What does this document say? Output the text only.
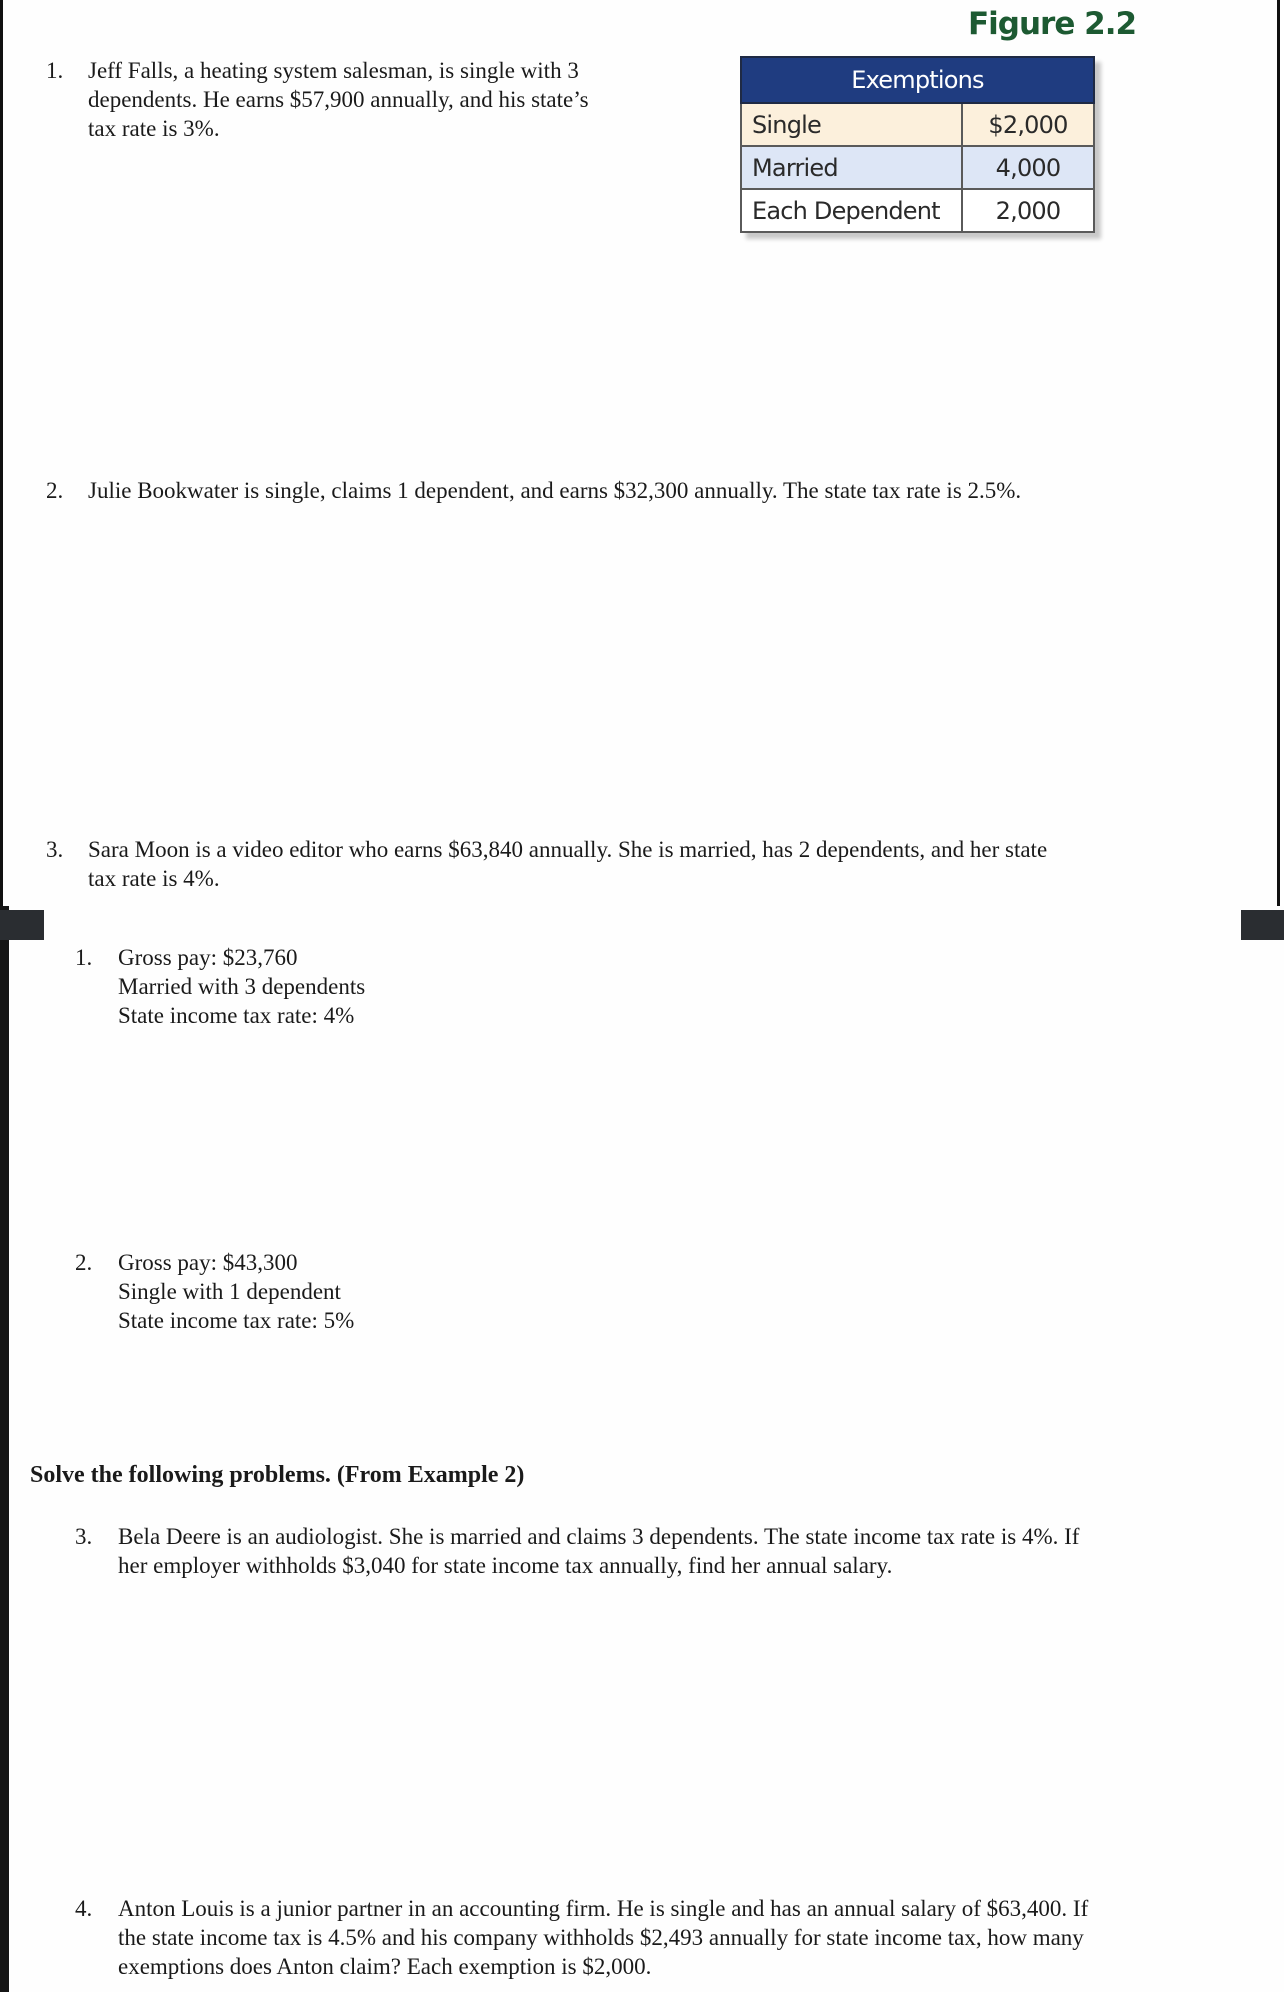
Figure 2.2
Exemptions	
Single	$2,000
Married	4,000
Each Dependent	2,000
1. Jeff Falls, a heating system salesman, is single with 3
dependents. He earns $57,900 annually, and his state’s
tax rate is 3%.
2. Julie Bookwater is single, claims 1 dependent, and earns $32,300 annually. The state tax rate is 2.5%.
3. Sara Moon is a video editor who earns $63,840 annually. She is married, has 2 dependents, and her state
tax rate is 4%.
1. Gross pay: $23,760
Married with 3 dependents
State income tax rate: 4%
2. Gross pay: $43,300
Single with 1 dependent
State income tax rate: 5%
Solve the following problems. (From Example 2)
3. Bela Deere is an audiologist. She is married and claims 3 dependents. The state income tax rate is 4%. If
her employer withholds $3,040 for state income tax annually, find her annual salary.
4. Anton Louis is a junior partner in an accounting firm. He is single and has an annual salary of $63,400. If
the state income tax is 4.5% and his company withholds $2,493 annually for state income tax, how many
exemptions does Anton claim? Each exemption is $2,000.
